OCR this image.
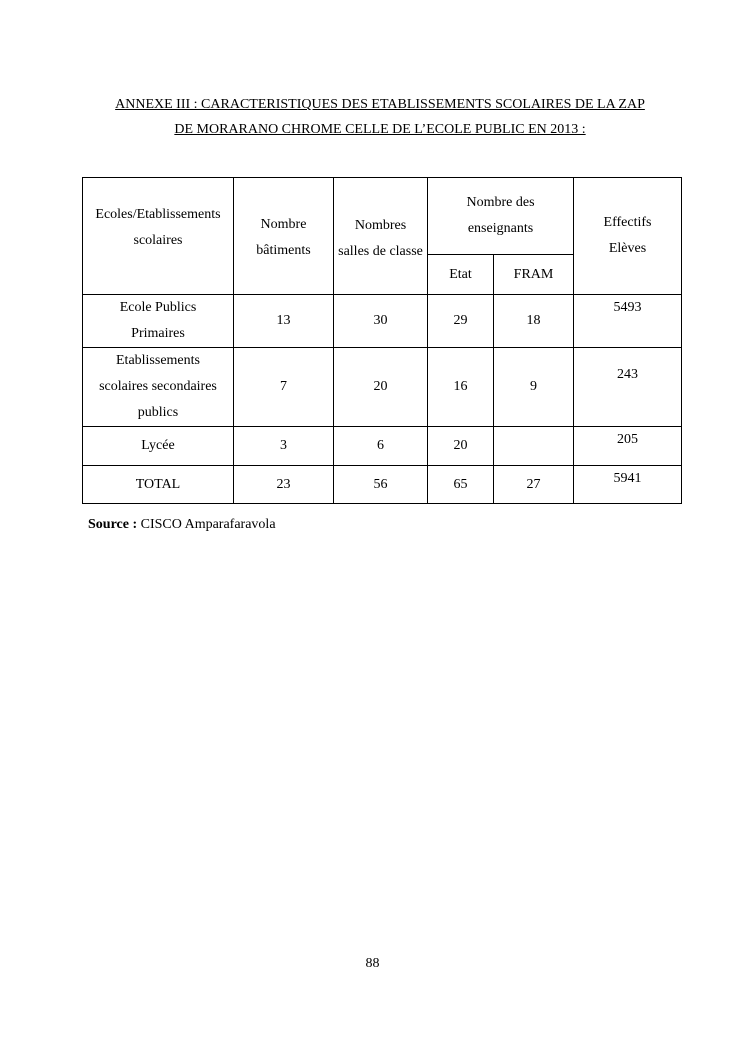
ANNEXE III : CARACTERISTIQUES DES ETABLISSEMENTS SCOLAIRES DE LA ZAP
DE MORARANO CHROME CELLE DE L’ECOLE PUBLIC EN 2013 :
Ecoles/Etablissements scolaires	Nombre bâtiments	Nombres salles de classe	Nombre des enseignants		Effectifs Elèves
			Etat	FRAM	
Ecole Publics Primaires	13	30	29	18	5493
Etablissements scolaires secondaires publics	7	20	16	9	243
Lycée	3	6	20		205
TOTAL	23	56	65	27	5941
Source : CISCO Amparafaravola
88
